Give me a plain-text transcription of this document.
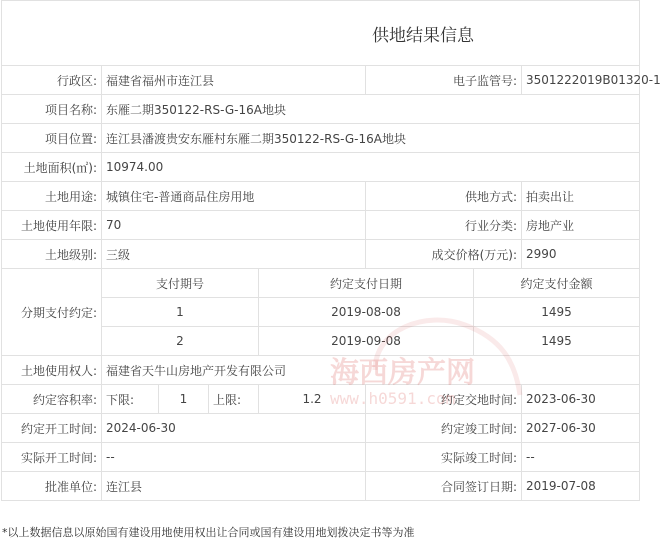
供地结果信息							
行政区:	福建省福州市连江县				电子监管号:		3501222019B01320-1
项目名称:	东雁二期350122-RS-G-16A地块						
项目位置:	连江县潘渡贵安东雁村东雁二期350122-RS-G-16A地块						
土地面积(㎡):	10974.00						
土地用途:	城镇住宅-普通商品住房用地				供地方式:		拍卖出让
土地使用年限:	70				行业分类:		房地产业
土地级别:	三级				成交价格(万元):		2990
分期支付约定:	支付期号			约定支付日期		约定支付金额	
	1			2019-08-08		1495	
	2			2019-09-08		1495	
土地使用权人:	福建省天牛山房地产开发有限公司						
约定容积率:	下限:	1	上限:	1.2	约定交地时间:		2023-06-30
约定开工时间:	2024-06-30				约定竣工时间:		2027-06-30
实际开工时间:	--				实际竣工时间:		--
批准单位:	连江县				合同签订日期:		2019-07-08
海西房产网
www.h0591.com
*以上数据信息以原始国有建设用地使用权出让合同或国有建设用地划拨决定书等为准
